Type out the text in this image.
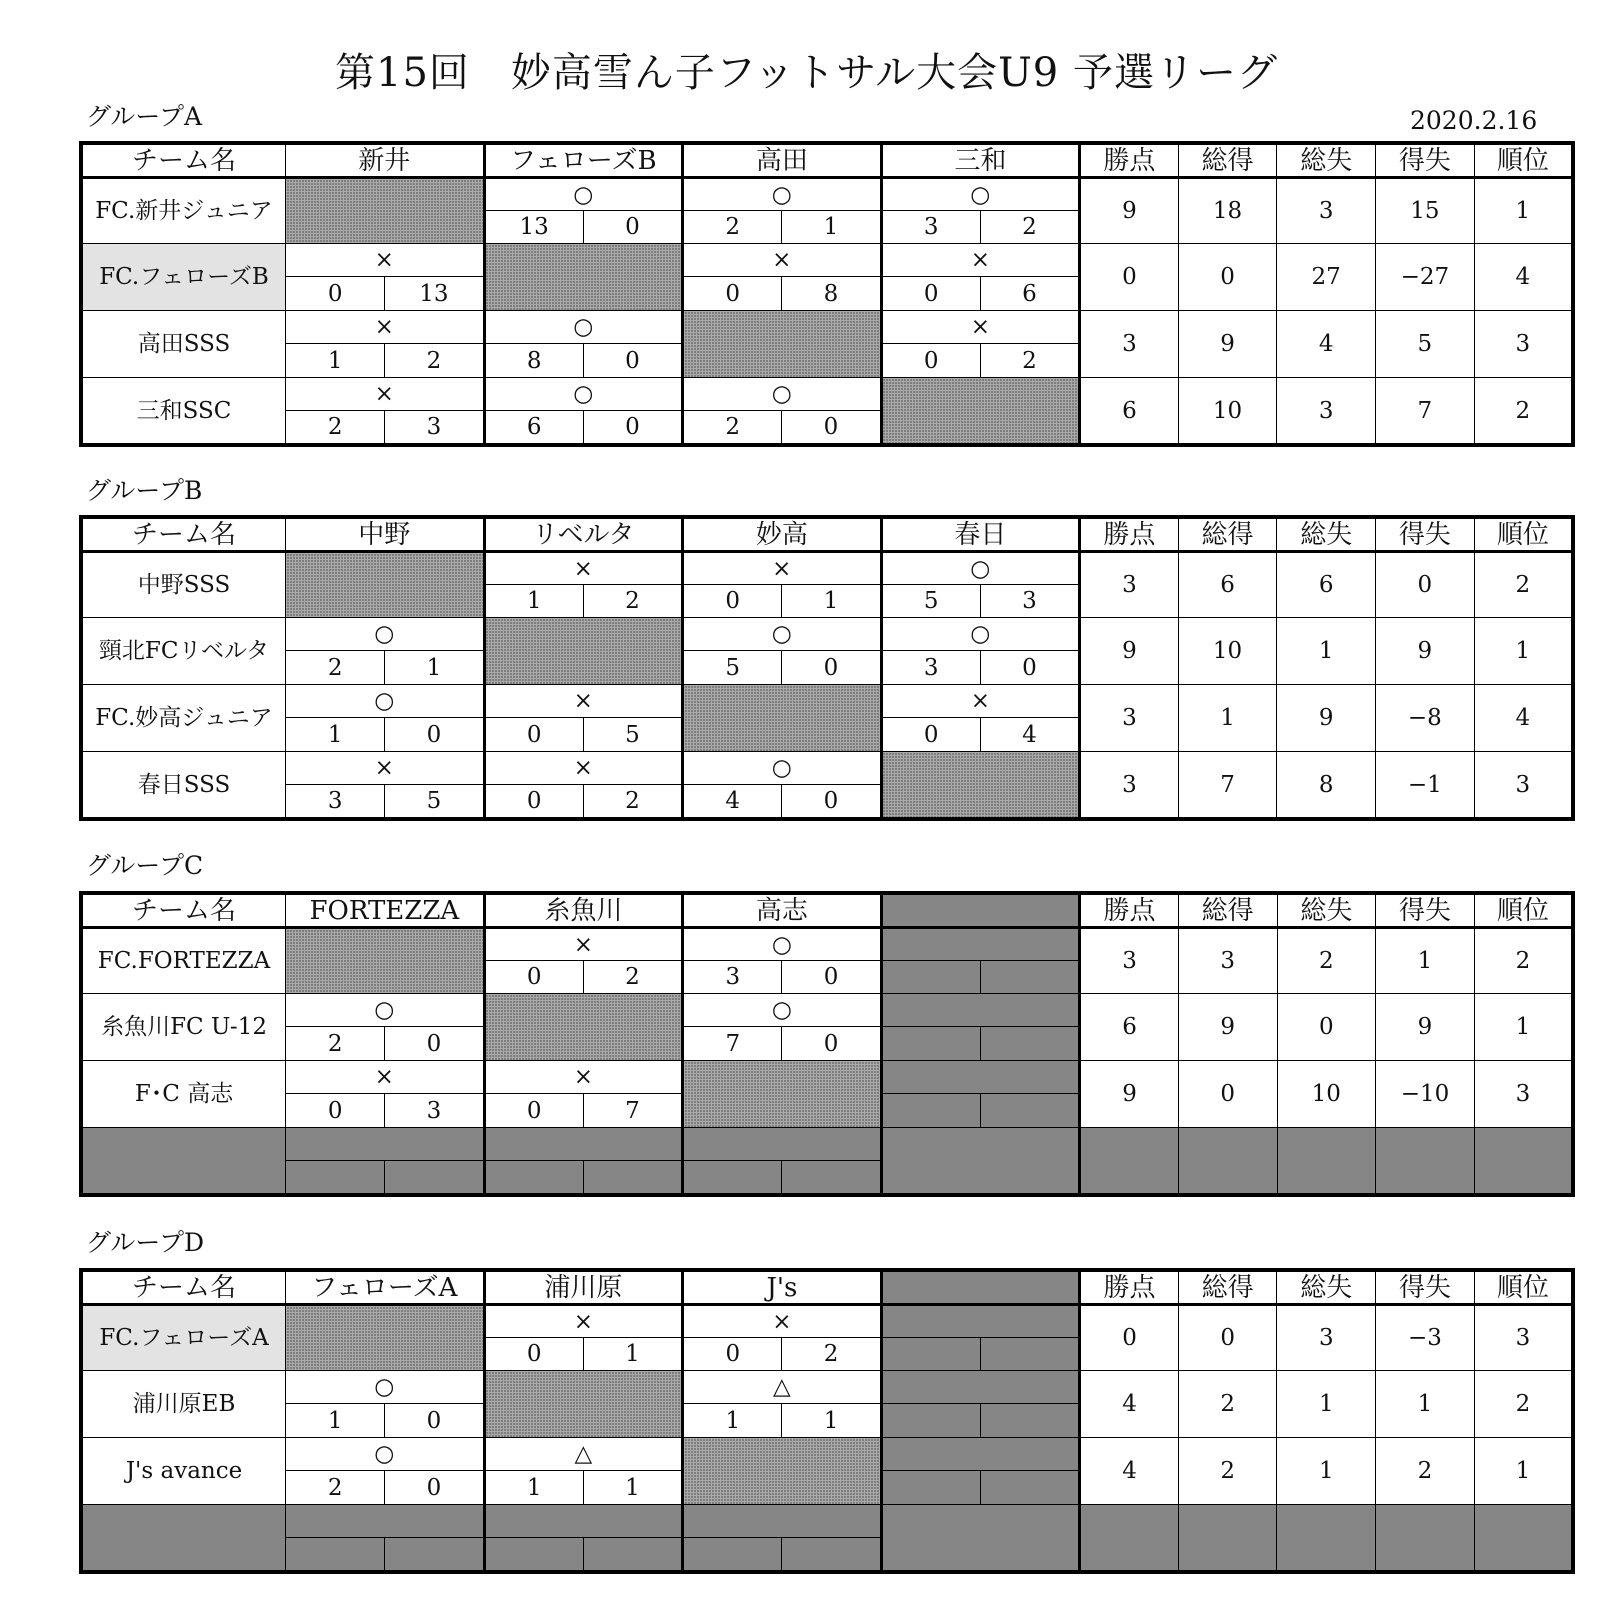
第15回　妙高雪ん子フットサル大会U9 予選リーグ
2020.2.16
グループA
チーム名	新井		フェローズB		高田		三和		勝点	総得	総失	得失	順位
FC.新井ジュニア			○		○		○		9	18	3	15	1
			13	0	2	1	3	2					
FC.フェローズB	×				×		×		0	0	27	−27	4
	0	13			0	8	0	6					
高田SSS	×		○				×		3	9	4	5	3
	1	2	8	0			0	2					
三和SSC	×		○		○				6	10	3	7	2
	2	3	6	0	2	0							
グループB
チーム名	中野		リベルタ		妙高		春日		勝点	総得	総失	得失	順位
中野SSS			×		×		○		3	6	6	0	2
			1	2	0	1	5	3					
頸北FCリベルタ	○				○		○		9	10	1	9	1
	2	1			5	0	3	0					
FC.妙高ジュニア	○		×				×		3	1	9	−8	4
	1	0	0	5			0	4					
春日SSS	×		×		○				3	7	8	−1	3
	3	5	0	2	4	0							
グループC
チーム名	FORTEZZA		糸魚川		高志				勝点	総得	総失	得失	順位
FC.FORTEZZA			×		○				3	3	2	1	2
			0	2	3	0							
糸魚川FC U-12	○				○				6	9	0	9	1
	2	0			7	0							
F･C 高志	×		×						9	0	10	−10	3
	0	3	0	7									

グループD
チーム名	フェローズA		浦川原		J's				勝点	総得	総失	得失	順位
FC.フェローズA			×		×				0	0	3	−3	3
			0	1	0	2							
浦川原EB	○				△				4	2	1	1	2
	1	0			1	1							
J's avance	○		△						4	2	1	2	1
	2	0	1	1									
